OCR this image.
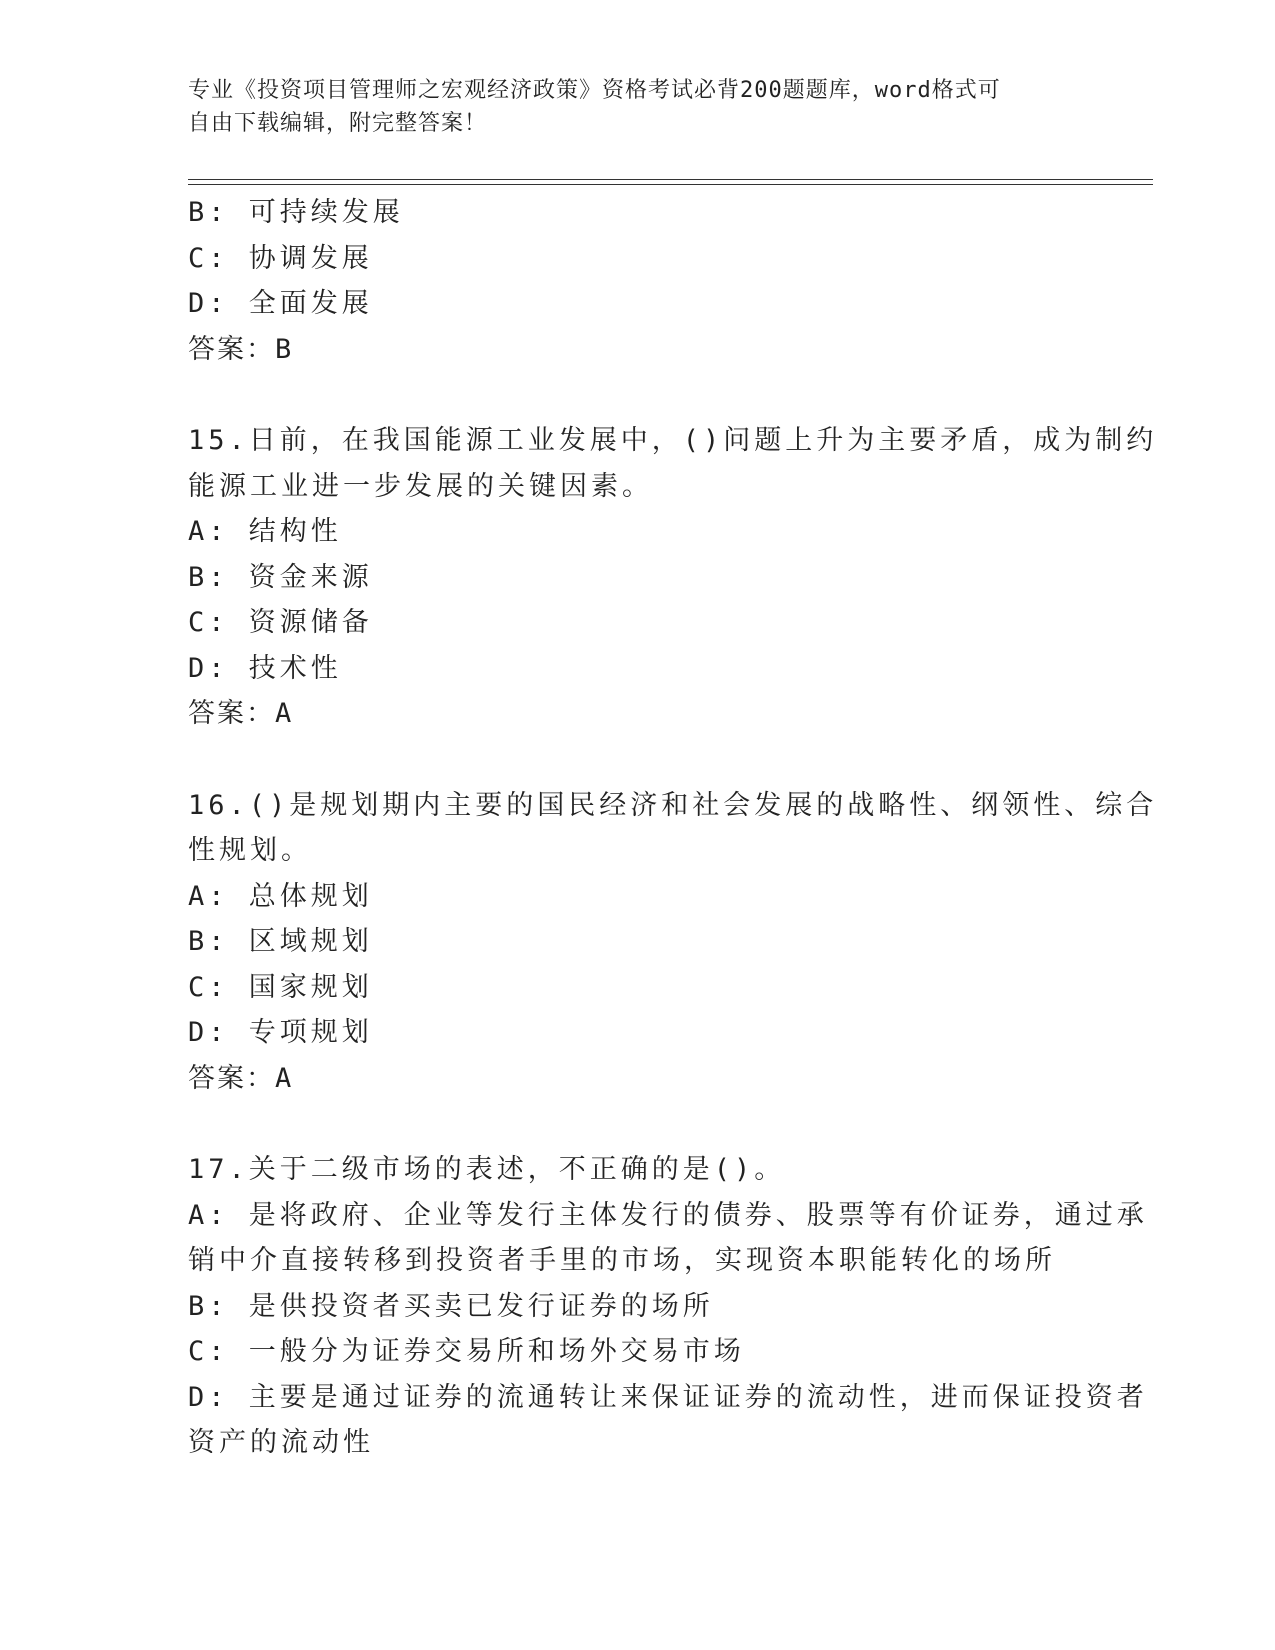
专业《投资项目管理师之宏观经济政策》资格考试必背200题题库，word格式可
自由下载编辑，附完整答案！
B: 可持续发展
C: 协调发展
D: 全面发展
答案：B
15.日前，在我国能源工业发展中，()问题上升为主要矛盾，成为制约
能源工业进一步发展的关键因素。
A: 结构性
B: 资金来源
C: 资源储备
D: 技术性
答案：A
16.()是规划期内主要的国民经济和社会发展的战略性、纲领性、综合
性规划。
A: 总体规划
B: 区域规划
C: 国家规划
D: 专项规划
答案：A
17.关于二级市场的表述，不正确的是()。
A: 是将政府、企业等发行主体发行的债券、股票等有价证券，通过承
销中介直接转移到投资者手里的市场，实现资本职能转化的场所
B: 是供投资者买卖已发行证券的场所
C: 一般分为证券交易所和场外交易市场
D: 主要是通过证券的流通转让来保证证券的流动性，进而保证投资者
资产的流动性
